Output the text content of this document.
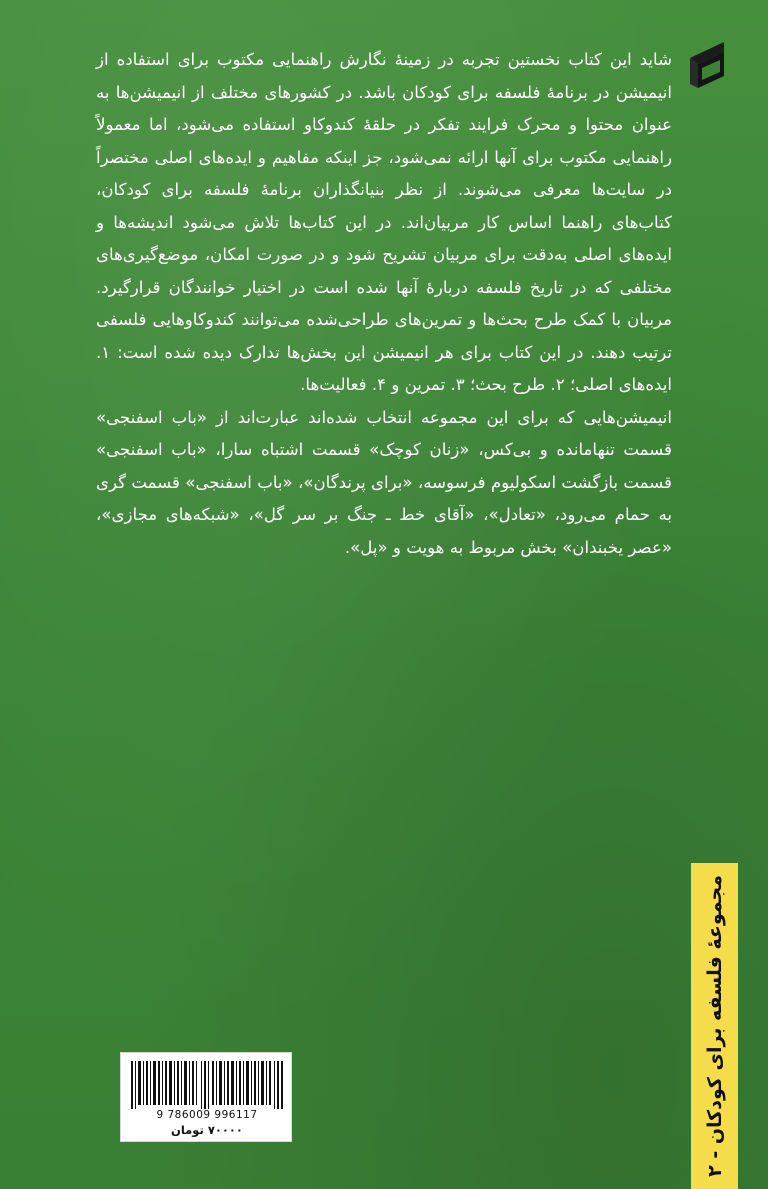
شاید این کتاب نخستین تجربه در زمینهٔ نگارش راهنمایی مکتوب برای استفاده از انیمیشن در برنامهٔ فلسفه برای کودکان باشد. در کشورهای مختلف از انیمیشن‌ها به عنوان محتوا و محرک فرایند تفکر در حلقهٔ کندوکاو استفاده می‌شود، اما معمولاً راهنمایی مکتوب برای آنها ارائه نمی‌شود، جز اینکه مفاهیم و ایده‌های اصلی مختصراً در سایت‌ها معرفی می‌شوند. از نظر بنیانگذاران برنامهٔ فلسفه برای کودکان، کتاب‌های راهنما اساس کار مربیان‌اند. در این کتاب‌ها تلاش می‌شود اندیشه‌ها و ایده‌های اصلی به‌دقت برای مربیان تشریح شود و در صورت امکان، موضع‌گیری‌های مختلفی که در تاریخ فلسفه دربارهٔ آنها شده است در اختیار خوانندگان قرارگیرد. مربیان با کمک طرح بحث‌ها و تمرین‌های طراحی‌شده می‌توانند کندوکاوهایی فلسفی ترتیب دهند. در این کتاب برای هر انیمیشن این بخش‌ها تدارک دیده شده است: ۱. ایده‌های اصلی؛ ۲. طرح بحث؛ ۳. تمرین و ۴. فعالیت‌ها.

انیمیشن‌هایی که برای این مجموعه انتخاب شده‌اند عبارت‌اند از «باب اسفنجی» قسمت تنهامانده و بی‌کس، «زنان کوچک» قسمت اشتباه سارا، «باب اسفنجی» قسمت بازگشت اسکولیوم فرسوسه، «برای پرندگان»، «باب اسفنجی» قسمت گری به حمام می‌رود، «تعادل»، «آقای خط ـ جنگ بر سر گل»، «شبکه‌های مجازی»، «عصر یخبندان» بخش مربوط به هویت و «پل».

مجموعهٔ فلسفه برای کودکان - ۲
9 786009 996117
۷۰۰۰۰ تومان
